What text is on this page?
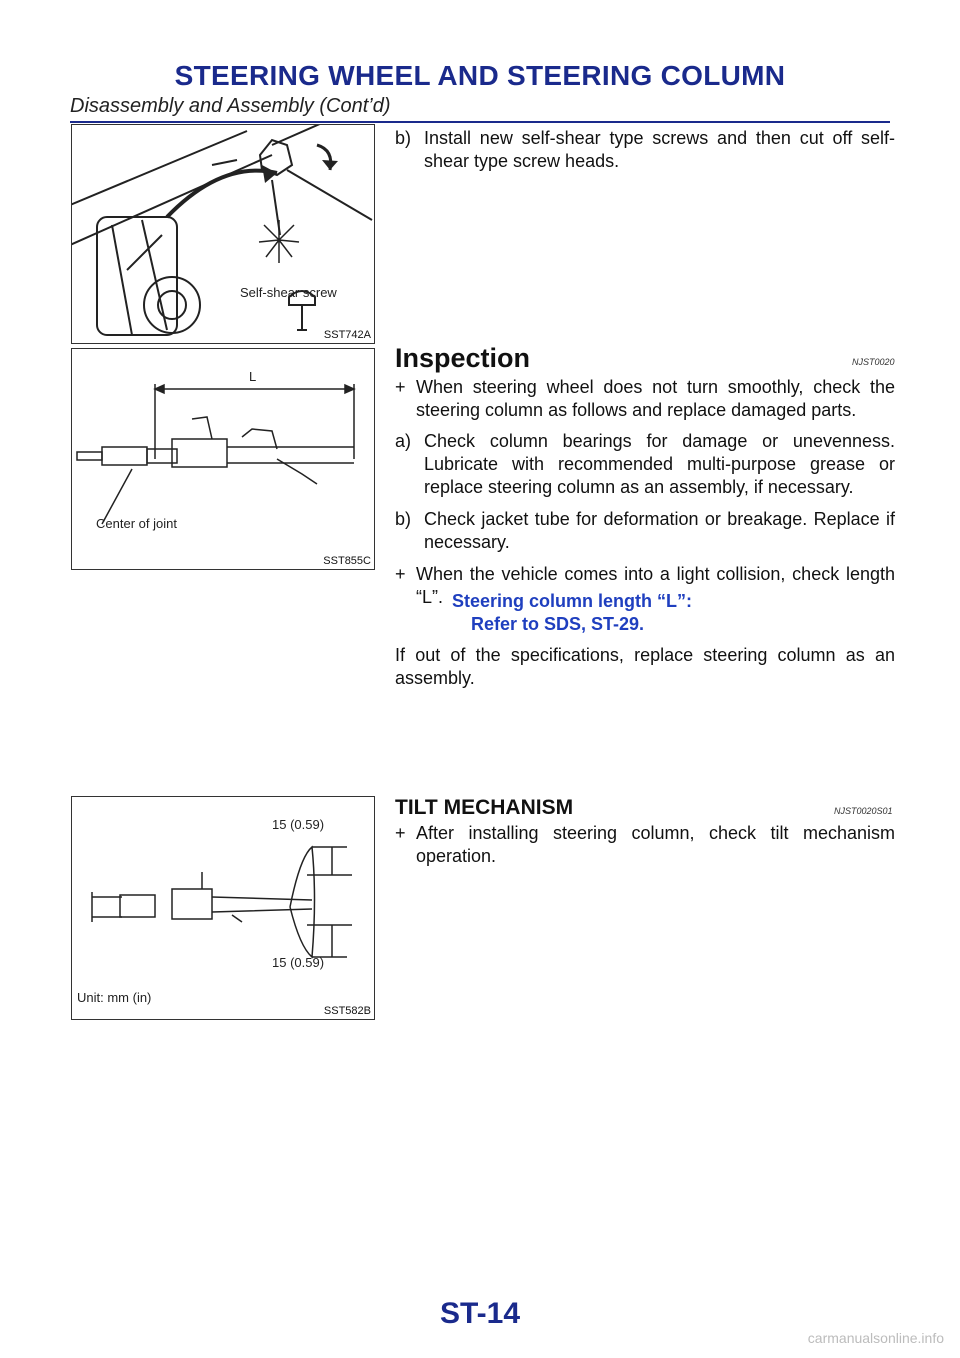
STEERING WHEEL AND STEERING COLUMN
Disassembly and Assembly (Cont’d)
Self-shear screw
SST742A
L
Center of joint
SST855C
15 (0.59)
15 (0.59)
Unit: mm (in)
SST582B
b) Install new self-shear type screws and then cut off self-shear type screw heads.
Inspection	NJST0020
+ When steering wheel does not turn smoothly, check the steering column as follows and replace damaged parts.
a) Check column bearings for damage or unevenness. Lubricate with recommended multi-purpose grease or replace steering column as an assembly, if necessary.
b) Check jacket tube for deformation or breakage. Replace if necessary.
+ When the vehicle comes into a light collision, check length “L”. Steering column length “L”:
Refer to SDS, ST-29.
If out of the specifications, replace steering column as an assembly.
TILT MECHANISM	NJST0020S01
+ After installing steering column, check tilt mechanism operation.
ST-14
carmanualsonline.info
